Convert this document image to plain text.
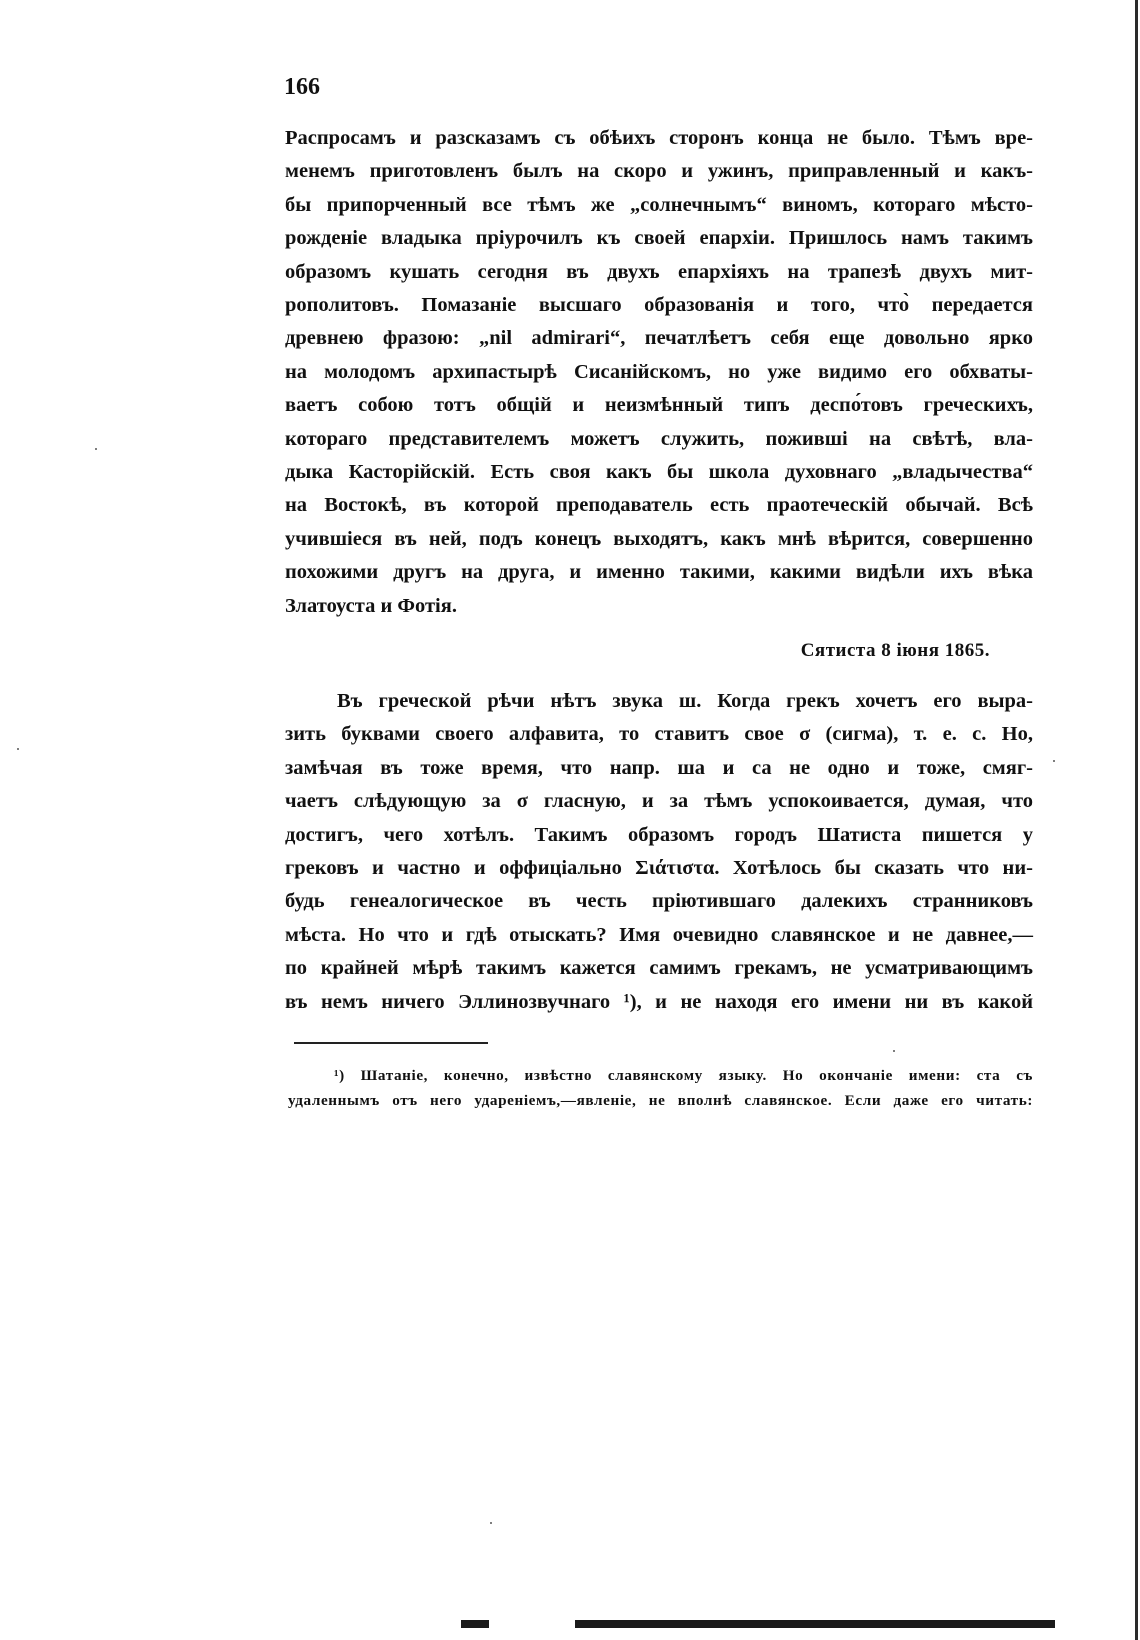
166
Распросамъ и разсказамъ съ обѣихъ сторонъ конца не было. Тѣмъ вре-
менемъ приготовленъ былъ на скоро и ужинъ, приправленный и какъ-
бы припорченный все тѣмъ же „солнечнымъ“ виномъ, котораго мѣсто-
рожденіе владыка пріурочилъ къ своей епархіи. Пришлось намъ такимъ
образомъ кушать сегодня въ двухъ епархіяхъ на трапезѣ двухъ мит-
рополитовъ. Помазаніе высшаго образованія и того, что̀ передается
древнею фразою: „nil admirari“, печатлѣетъ себя еще довольно ярко
на молодомъ архипастырѣ Сисанійскомъ, но уже видимо его обхваты-
ваетъ собою тотъ общій и неизмѣнный типъ деспо́товъ греческихъ,
котораго представителемъ можетъ служить, поживші на свѣтѣ, вла-
дыка Касторійскій. Есть своя какъ бы школа духовнаго „владычества“
на Востокѣ, въ которой преподаватель есть праотеческій обычай. Всѣ
учившіеся въ ней, подъ конецъ выходятъ, какъ мнѣ вѣрится, совершенно
похожими другъ на друга, и именно такими, какими видѣли ихъ вѣка
Златоуста и Фотія.
Сятиста 8 іюня 1865.
Въ греческой рѣчи нѣтъ звука ш. Когда грекъ хочетъ его выра-
зить буквами своего алфавита, то ставитъ свое σ (сигма), т. е. с. Но,
замѣчая въ тоже время, что напр. ша и са не одно и тоже, смяг-
чаетъ слѣдующую за σ гласную, и за тѣмъ успокоивается, думая, что
достигъ, чего хотѣлъ. Такимъ образомъ городъ Шатиста пишется у
грековъ и частно и оффиціально Σιάτιστα. Хотѣлось бы сказать что ни-
будь генеалогическое въ честь пріютившаго далекихъ странниковъ
мѣста. Но что и гдѣ отыскать? Имя очевидно славянское и не давнее,—
по крайней мѣрѣ такимъ кажется самимъ грекамъ, не усматривающимъ
въ немъ ничего Эллинозвучнаго ¹), и не находя его имени ни въ какой
¹) Шатаніе, конечно, извѣстно славянскому языку. Но окончаніе имени: ста съ
удаленнымъ отъ него удареніемъ,—явленіе, не вполнѣ славянское. Если даже его читать:
